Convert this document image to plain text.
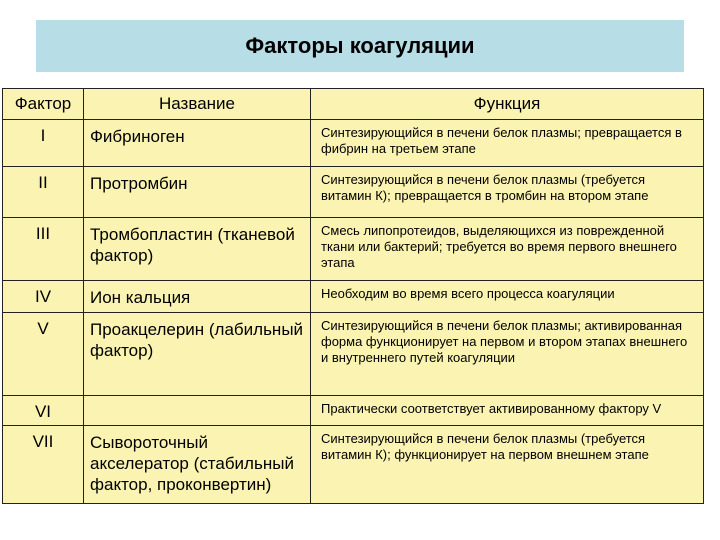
Факторы коагуляции
Фактор	Название	Функция
I	Фибриноген	Синтезирующийся в печени белок плазмы; превращается в фибрин на третьем этапе
II	Протромбин	Синтезирующийся в печени белок плазмы (требуется витамин К); превращается в тромбин на втором этапе
III	Тромбопластин (тканевой фактор)	Смесь липопротеидов, выделяющихся из поврежденной ткани или бактерий; требуется во время первого внешнего этапа
IV	Ион кальция	Необходим во время всего процесса коагуляции
V	Проакцелерин (лабильный фактор)	Синтезирующийся в печени белок плазмы; активированная форма функционирует на первом и втором этапах внешнего и внутреннего путей коагуляции
VI		Практически соответствует активированному фактору V
VII	Сывороточный акселератор (стабильный фактор, проконвертин)	Синтезирующийся в печени белок плазмы (требуется витамин К); функционирует на первом внешнем этапе
